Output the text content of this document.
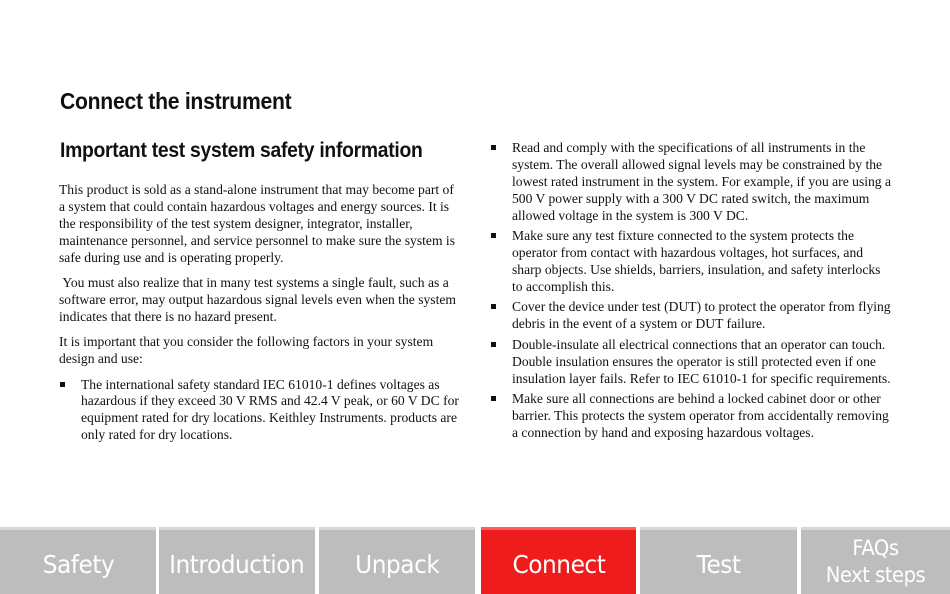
Connect the instrument
Important test system safety information

This product is sold as a stand-alone instrument that may become part of a system that could contain hazardous voltages and energy sources. It is the responsibility of the test system designer, integrator, installer, maintenance personnel, and service personnel to make sure the system is safe during use and is operating properly.

You must also realize that in many test systems a single fault, such as a software error, may output hazardous signal levels even when the system indicates that there is no hazard present.

It is important that you consider the following factors in your system design and use:

The international safety standard IEC 61010-1 defines voltages as hazardous if they exceed 30 V RMS and 42.4 V peak, or 60 V DC for equipment rated for dry locations. Keithley Instruments. products are only rated for dry locations.
Read and comply with the specifications of all instruments in the system. The overall allowed signal levels may be constrained by the lowest rated instrument in the system. For example, if you are using a 500 V power supply with a 300 V DC rated switch, the maximum allowed voltage in the system is 300 V DC.
Make sure any test fixture connected to the system protects the operator from contact with hazardous voltages, hot surfaces, and sharp objects. Use shields, barriers, insulation, and safety interlocks to accomplish this.
Cover the device under test (DUT) to protect the operator from flying debris in the event of a system or DUT failure.
Double-insulate all electrical connections that an operator can touch. Double insulation ensures the operator is still protected even if one insulation layer fails. Refer to IEC 61010-1 for specific requirements.
Make sure all connections are behind a locked cabinet door or other barrier. This protects the system operator from accidentally removing a connection by hand and exposing hazardous voltages.
Safety Introduction Unpack	Connect	Test
FAQs
Next steps
